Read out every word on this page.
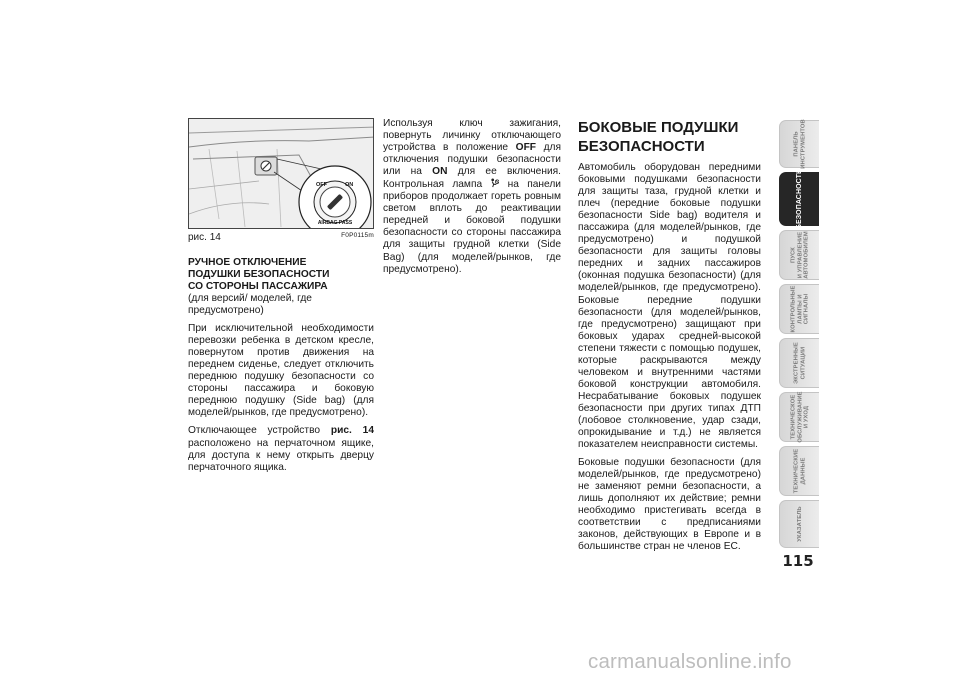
OFF	ON
AIRBAG PASS
рис. 14	F0P0115m
РУЧНОЕ ОТКЛЮЧЕНИЕ
ПОДУШКИ БЕЗОПАСНОСТИ
СО СТОРОНЫ ПАССАЖИРА
(для версий/ моделей, где предусмотрено)

При исключительной необходимости перевозки ребенка в детском кресле, повернутом против движения на переднем сиденье, следует отключить переднюю подушку безопасности со стороны пассажира и боковую переднюю подушку (Side bag) (для моделей/рынков, где предусмотрено).

Отключающее устройство рис. 14 расположено на перчаточном ящике, для доступа к нему открыть дверцу перчаточного ящика.

Используя ключ зажигания, повернуть личинку отключающего устройства в положение OFF для отключения подушки безопасности или на ON для ее включения. Контрольная лампа  на панели приборов продолжает гореть ровным светом вплоть до реактивации передней и боковой подушки безопасности со стороны пассажира для защиты грудной клетки (Side Bag) (для моделей/рынков, где предусмотрено).

БОКОВЫЕ ПОДУШКИ БЕЗОПАСНОСТИ

Автомобиль оборудован передними боковыми подушками безопасности для защиты таза, грудной клетки и плеч (передние боковые подушки безопасности Side bag) водителя и пассажира (для моделей/рынков, где предусмотрено) и подушкой безопасности для защиты головы передних и задних пассажиров (оконная подушка безопасности) (для моделей/рынков, где предусмотрено). Боковые передние подушки безопасности (для моделей/рынков, где предусмотрено) защищают при боковых ударах средней-высокой степени тяжести с помощью подушек, которые раскрываются между человеком и внутренними частями боковой конструкции автомобиля. Несрабатывание боковых подушек безопасности при других типах ДТП (лобовое столкновение, удар сзади, опрокидывание и т.д.) не является показателем неисправности системы.

Боковые подушки безопасности (для моделей/рынков, где предусмотрено) не заменяют ремни безопасности, а лишь дополняют их действие; ремни необходимо пристегивать всегда в соответствии с предписаниями законов, действующих в Европе и в большинстве стран не членов ЕС.

ПАНЕЛЬ
ИНСТРУМЕНТОВ
БЕЗОПАСНОСТЬ
ПУСК
И УПРАВЛЕНИЕ
АВТОМОБИЛЕМ
КОНТРОЛЬНЫЕ
ЛАМПЫ И
СИГНАЛЫ
ЭКСТРЕННЫЕ
СИТУАЦИИ
ТЕХНИЧЕСКОЕ
ОБСЛУЖИВАНИЕ
И УХОД
ТЕХНИЧЕСКИЕ
ДАННЫЕ
УКАЗАТЕЛЬ
115
carmanualsonline.info
